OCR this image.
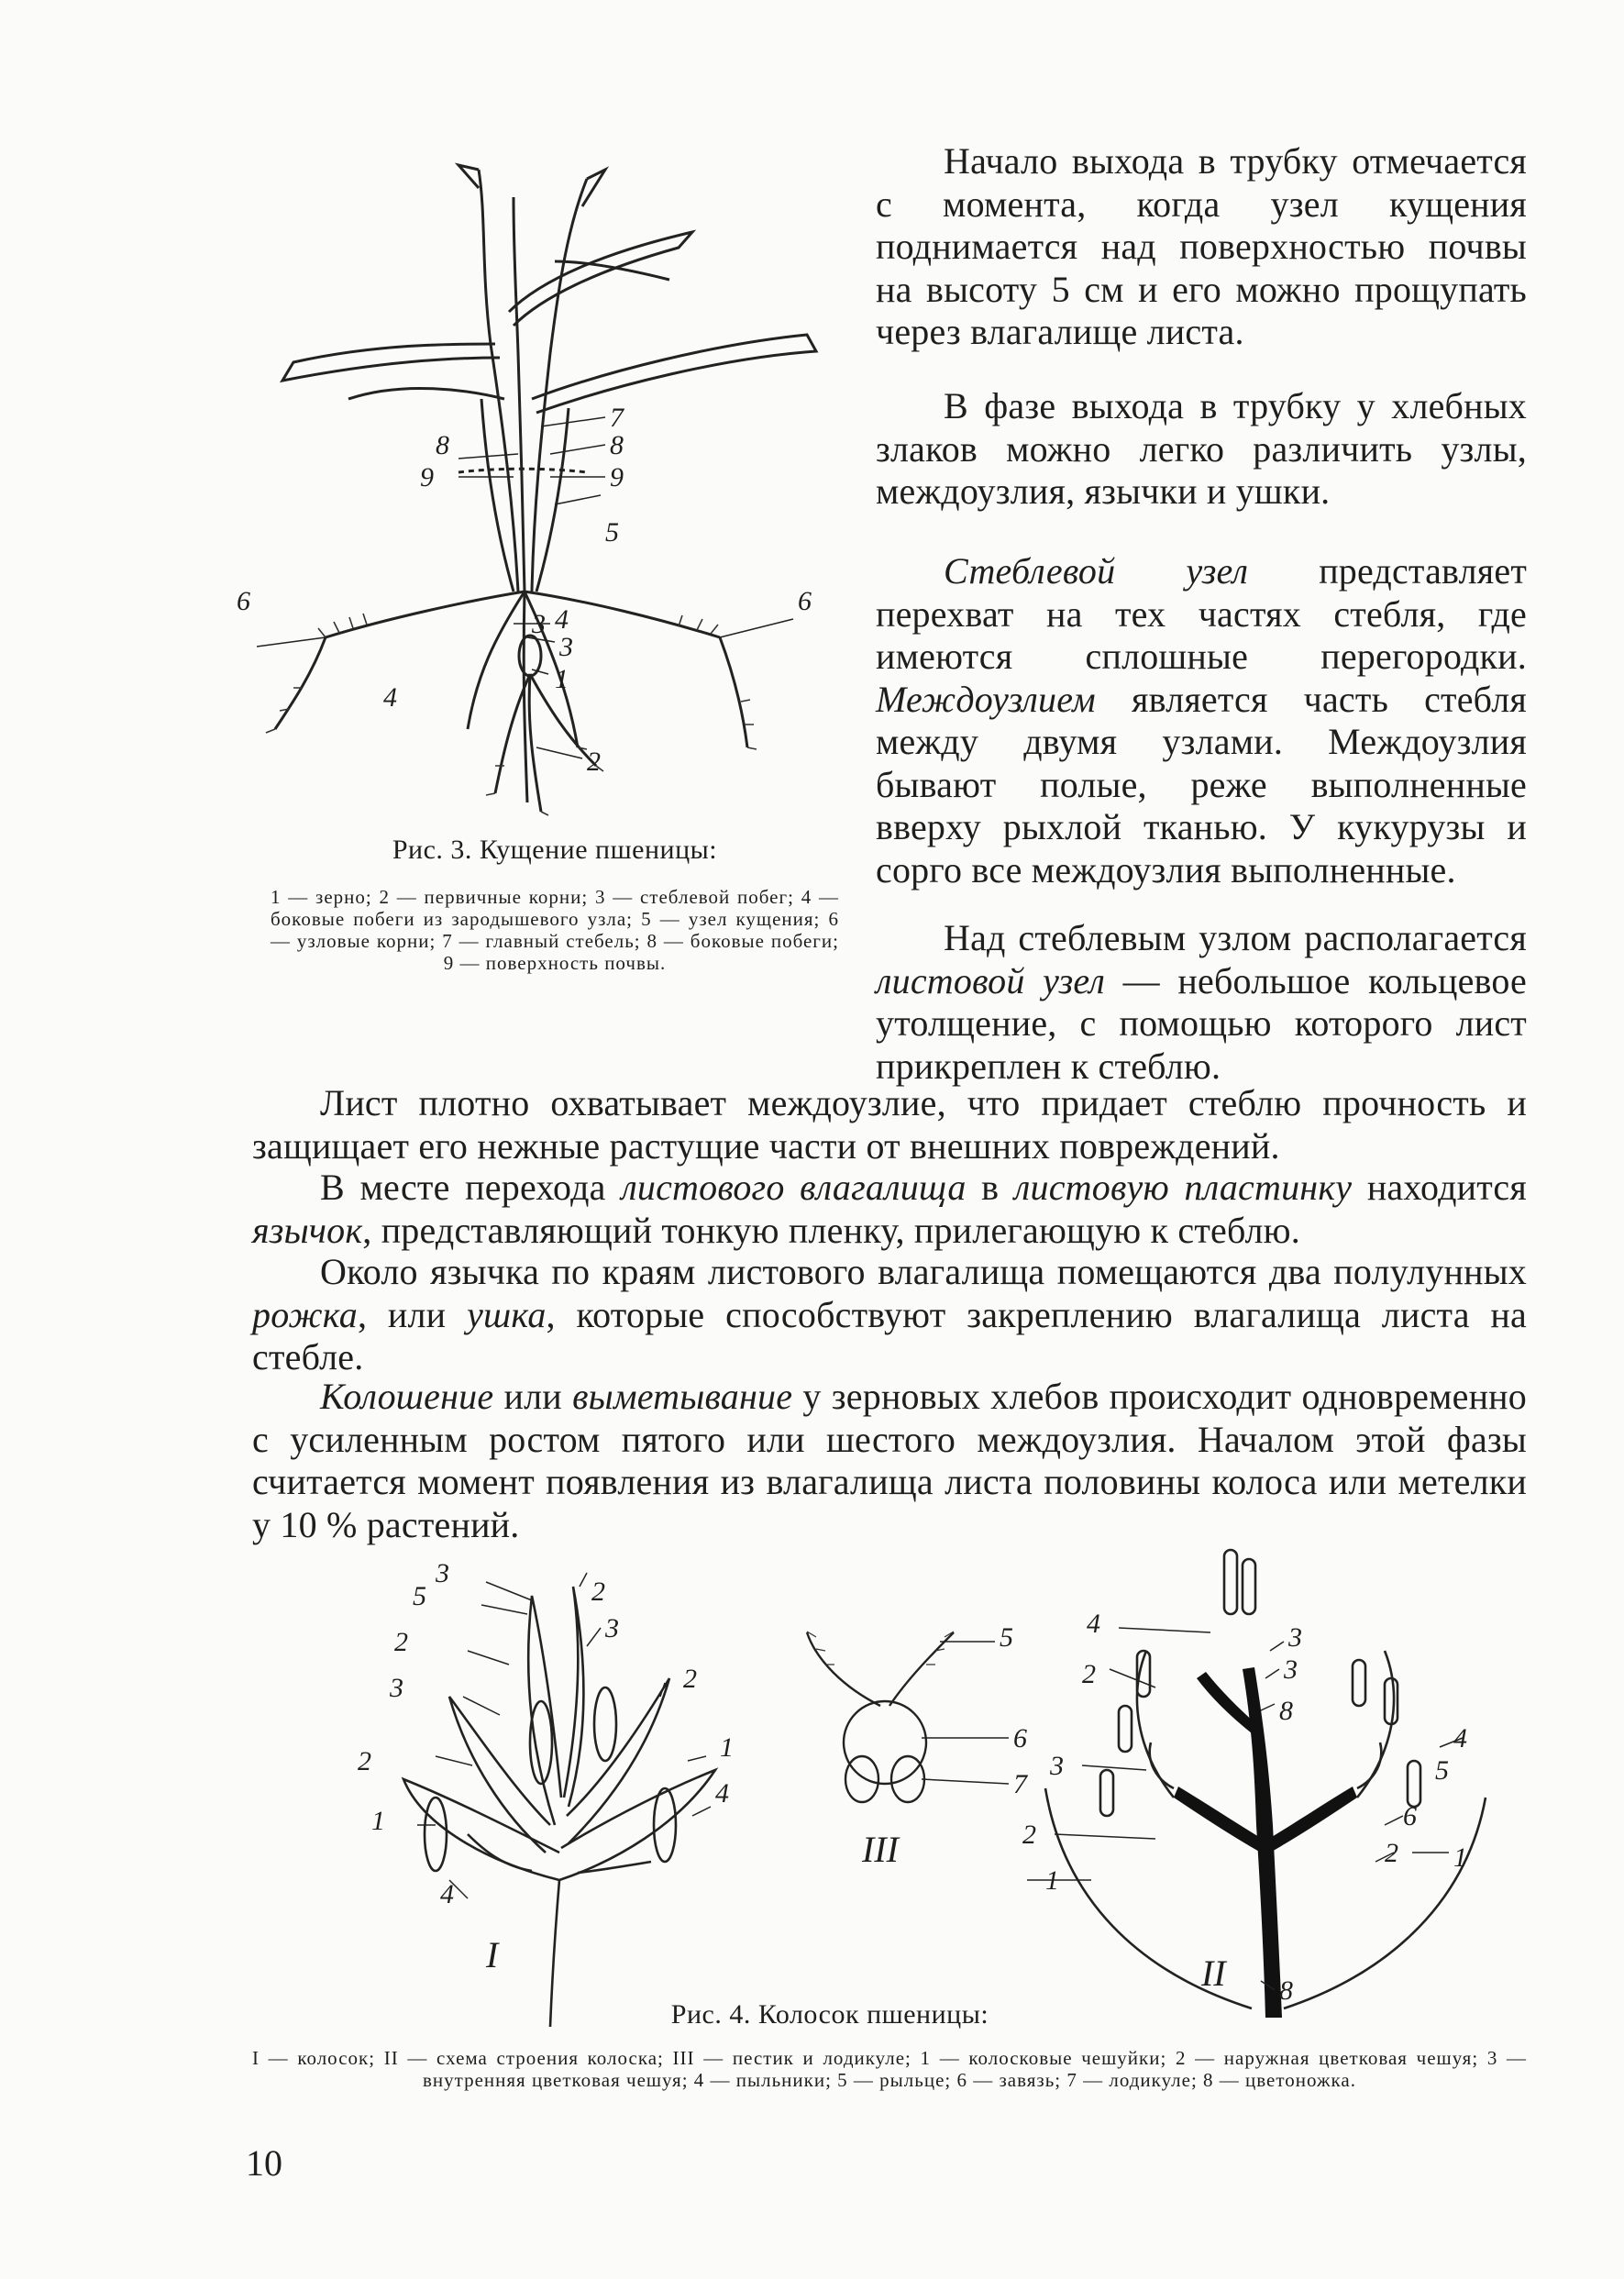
1
2
3
3
4
4
5
6	6
7
8	8
9	9
Рис. 3. Кущение пшеницы:
1 — зерно; 2 — первичные корни; 3 — стеблевой побег; 4 — боковые побеги из зародышевого узла; 5 — узел кущения; 6 — узловые корни; 7 — главный стебель; 8 — боковые побеги; 9 — поверхность почвы.
Начало выхода в трубку отмечается с момента, когда узел кущения поднимается над поверхностью почвы на высоту 5 см и его можно прощупать через влагалище листа.
В фазе выхода в трубку у хлебных злаков можно легко различить узлы, междоузлия, язычки и ушки.
Стеблевой узел представляет перехват на тех частях стебля, где имеются сплошные перегородки. Междоузлием является часть стебля между двумя узлами. Междоузлия бывают полые, реже выполненные вверху рыхлой тканью. У кукурузы и сорго все междоузлия выполненные.
Над стеблевым узлом располагается листовой узел — небольшое кольцевое утолщение, с помощью которого лист прикреплен к стеблю.
Лист плотно охватывает междоузлие, что придает стеблю прочность и защищает его нежные растущие части от внешних повреждений.
В месте перехода листового влагалища в листовую пластинку находится язычок, представляющий тонкую пленку, прилегающую к стеблю.
Около язычка по краям листового влагалища помещаются два полулунных рожка, или ушка, которые способствуют закреплению влагалища листа на стебле.
Колошение или выметывание у зерновых хлебов происходит одновременно с усиленным ростом пятого или шестого междоузлия. Началом этой фазы считается момент появления из влагалища листа половины колоса или метелки у 10 % растений.
3
2
5
2	3
3	2
2	1
1
4
4
I
5
6
7
III
4
2
3
3
8
4
5
3
2
6
2 1
1
8
II
Рис. 4. Колосок пшеницы:
I — колосок; II — схема строения колоска; III — пестик и лодикуле; 1 — колосковые чешуйки; 2 — наружная цветковая чешуя; 3 — внутренняя цветковая чешуя; 4 — пыльники; 5 — рыльце; 6 — завязь; 7 — лодикуле; 8 — цветоножка.
10
